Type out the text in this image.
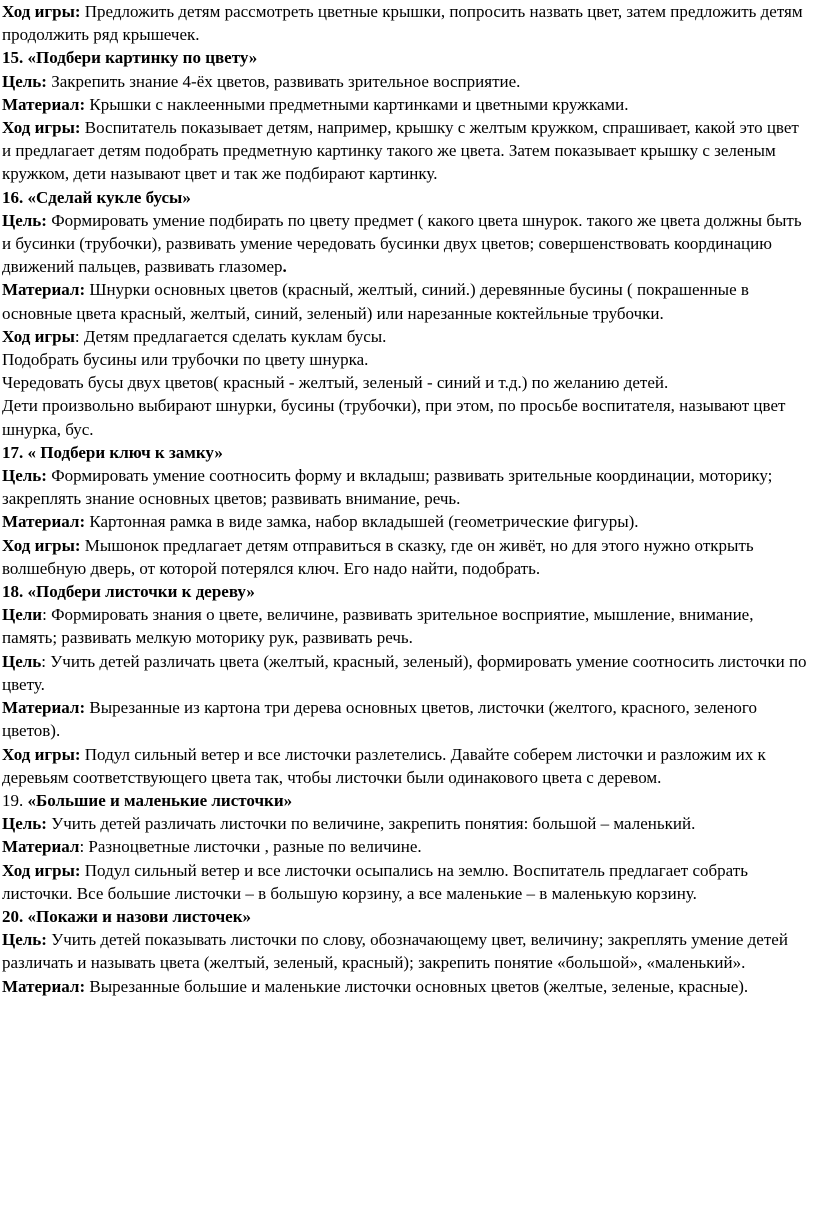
Ход игры: Предложить детям рассмотреть цветные крышки, попросить назвать цвет, затем предложить детям продолжить ряд крышечек.

15. «Подбери картинку по цвету»

Цель: Закрепить знание 4-ёх цветов, развивать зрительное восприятие.

Материал: Крышки с наклеенными предметными картинками и цветными кружками.

Ход игры: Воспитатель показывает детям, например, крышку с желтым кружком, спрашивает, какой это цвет и предлагает детям подобрать предметную картинку такого же цвета. Затем показывает крышку с зеленым кружком, дети называют цвет и так же подбирают картинку.

16. «Сделай кукле бусы»

Цель: Формировать умение подбирать по цвету предмет ( какого цвета шнурок. такого же цвета должны быть и бусинки (трубочки), развивать умение чередовать бусинки двух цветов; совершенствовать координацию движений пальцев, развивать глазомер.

Материал: Шнурки основных цветов (красный, желтый, синий.) деревянные бусины ( покрашенные в основные цвета красный, желтый, синий, зеленый) или нарезанные коктейльные трубочки.

Ход игры: Детям предлагается сделать куклам бусы.

Подобрать бусины или трубочки по цвету шнурка.

Чередовать бусы двух цветов( красный - желтый, зеленый - синий и т.д.) по желанию детей.

Дети произвольно выбирают шнурки, бусины (трубочки), при этом, по просьбе воспитателя, называют цвет шнурка, бус.

17. « Подбери ключ к замку»

Цель: Формировать умение соотносить форму и вкладыш; развивать зрительные координации, моторику; закреплять знание основных цветов; развивать внимание, речь.

Материал: Картонная рамка в виде замка, набор вкладышей (геометрические фигуры).

Ход игры: Мышонок предлагает детям отправиться в сказку, где он живёт, но для этого нужно открыть волшебную дверь, от которой потерялся ключ. Его надо найти, подобрать.

18. «Подбери листочки к дереву»

Цели: Формировать знания о цвете, величине, развивать зрительное восприятие, мышление, внимание, память; развивать мелкую моторику рук, развивать речь.

Цель: Учить детей различать цвета (желтый, красный, зеленый), формировать умение соотносить листочки по цвету.

Материал: Вырезанные из картона три дерева основных цветов, листочки (желтого, красного, зеленого цветов).

Ход игры: Подул сильный ветер и все листочки разлетелись. Давайте соберем листочки и разложим их к деревьям соответствующего цвета так, чтобы листочки были одинакового цвета с деревом.

19. «Большие и маленькие листочки»

Цель: Учить детей различать листочки по величине, закрепить понятия: большой – маленький.

Материал: Разноцветные листочки , разные по величине.

Ход игры: Подул сильный ветер и все листочки осыпались на землю. Воспитатель предлагает собрать листочки. Все большие листочки – в большую корзину, а все маленькие – в маленькую корзину.

20. «Покажи и назови листочек»

Цель: Учить детей показывать листочки по слову, обозначающему цвет, величину; закреплять умение детей различать и называть цвета (желтый, зеленый, красный); закрепить понятие «большой», «маленький».

Материал: Вырезанные большие и маленькие листочки основных цветов (желтые, зеленые, красные).
